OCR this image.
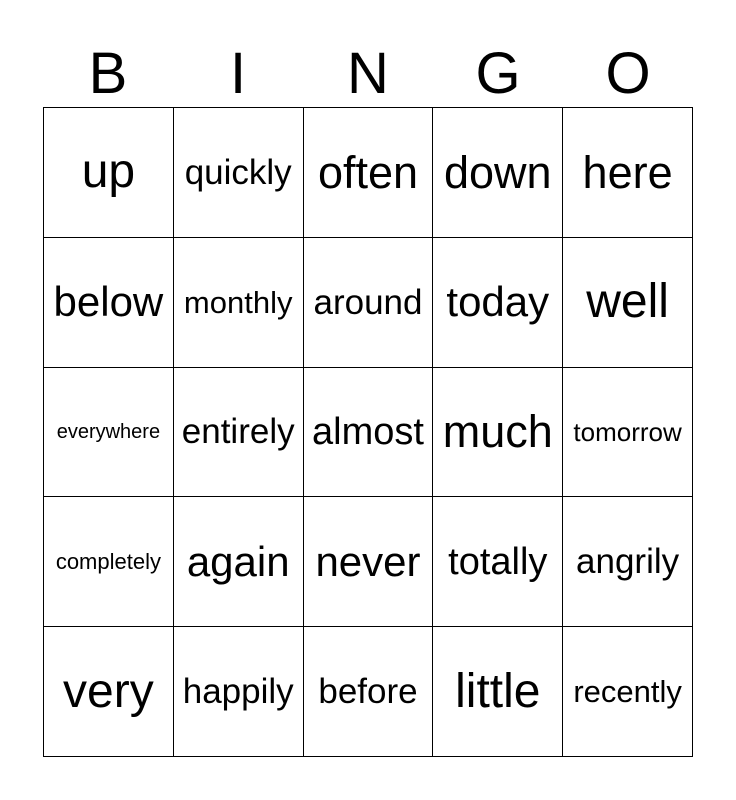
B	I	N	G	O
up	quickly often down here
below monthly around today well
everywhere entirely almost much tomorrow
completely again never totally angrily
very happily before little	recently
